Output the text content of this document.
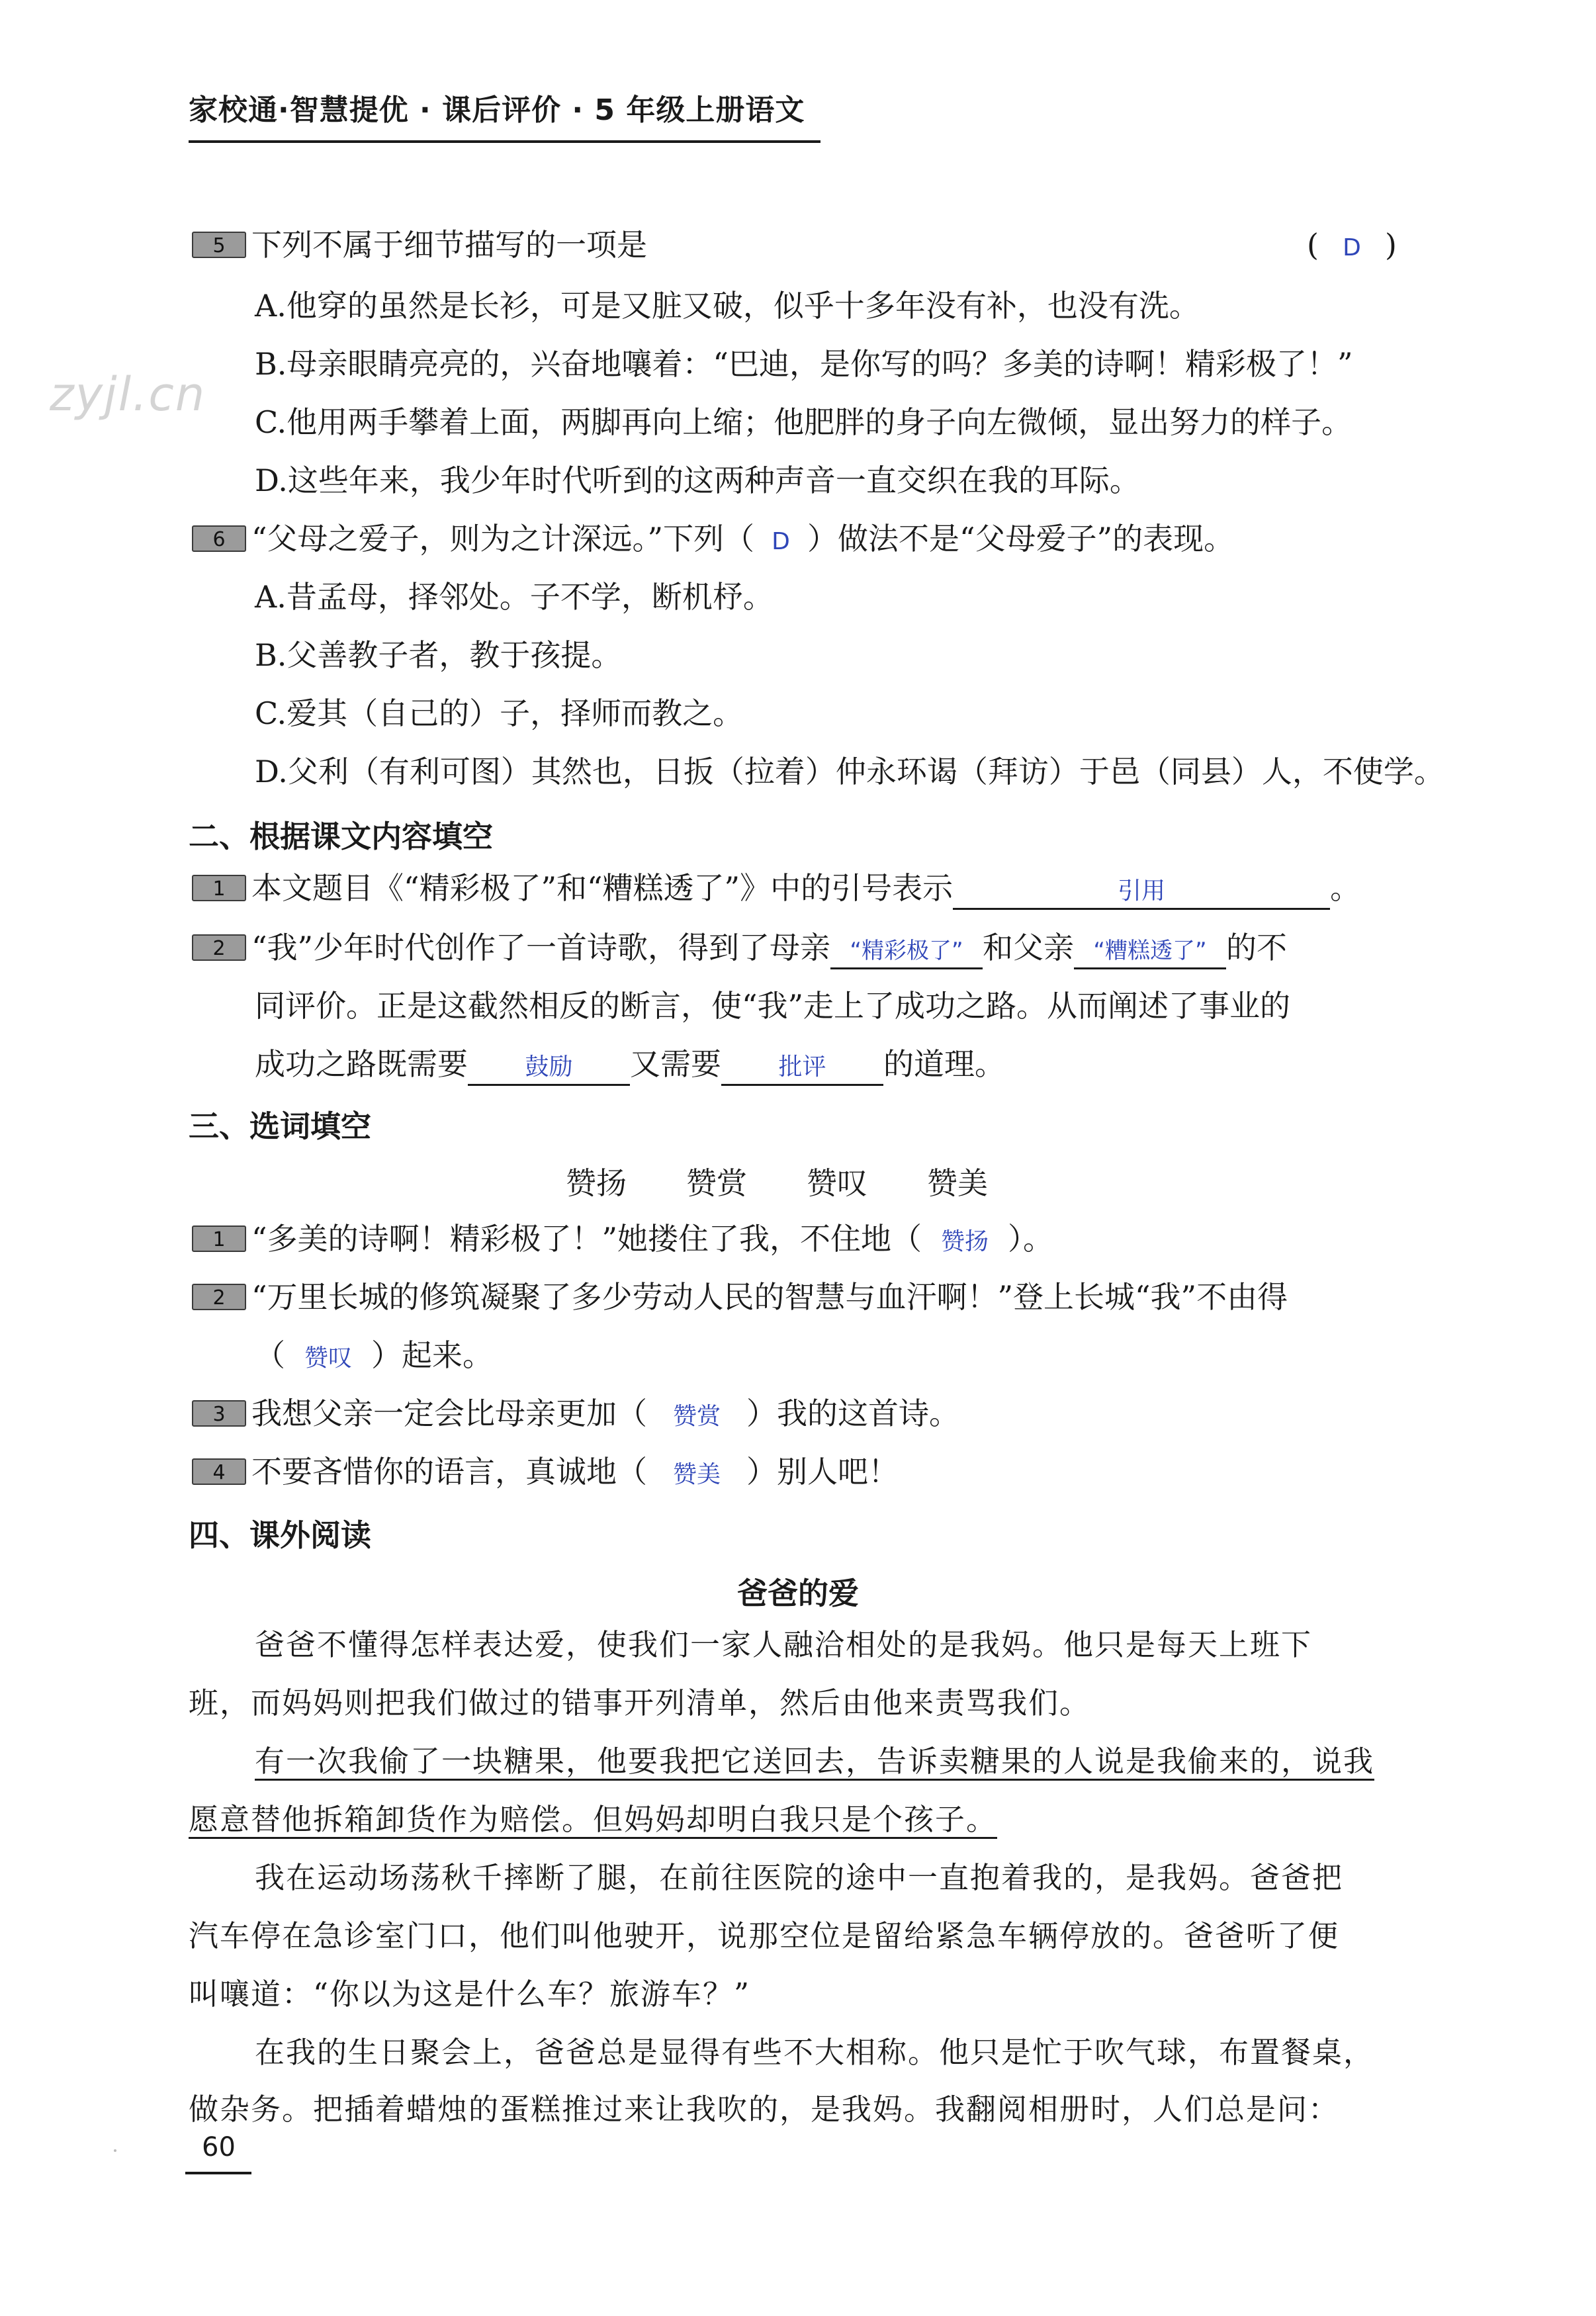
家校通·智慧提优 · 课后评价 · 5 年级上册语文
zyjl.cn
5 下列不属于细节描写的一项是	( D )
A.他穿的虽然是长衫，可是又脏又破，似乎十多年没有补，也没有洗。
B.母亲眼睛亮亮的，兴奋地嚷着：“巴迪，是你写的吗？多美的诗啊！精彩极了！”
C.他用两手攀着上面，两脚再向上缩；他肥胖的身子向左微倾，显出努力的样子。
D.这些年来，我少年时代听到的这两种声音一直交织在我的耳际。
6 “父母之爱子，则为之计深远。”下列（ D ）做法不是“父母爱子”的表现。
A.昔孟母，择邻处。子不学，断机杼。
B.父善教子者，教于孩提。
C.爱其（自己的）子，择师而教之。
D.父利（有利可图）其然也，日扳（拉着）仲永环谒（拜访）于邑（同县）人，不使学。
二、根据课文内容填空
1 本文题目《“精彩极了”和“糟糕透了”》中的引号表示	引用	。
2 “我”少年时代创作了一首诗歌，得到了母亲 “精彩极了” 和父亲 “糟糕透了” 的不
同评价。正是这截然相反的断言，使“我”走上了成功之路。从而阐述了事业的
成功之路既需要 鼓励 又需要 批评 的道理。
三、选词填空
赞扬 赞赏 赞叹 赞美
1 “多美的诗啊！精彩极了！”她搂住了我，不住地（ 赞扬 ）。
2 “万里长城的修筑凝聚了多少劳动人民的智慧与血汗啊！”登上长城“我”不由得
（ 赞叹 ）起来。
3 我想父亲一定会比母亲更加（ 赞赏 ）我的这首诗。
4 不要吝惜你的语言，真诚地（ 赞美 ）别人吧！
四、课外阅读
爸爸的爱
爸爸不懂得怎样表达爱，使我们一家人融洽相处的是我妈。他只是每天上班下
班，而妈妈则把我们做过的错事开列清单，然后由他来责骂我们。
有一次我偷了一块糖果，他要我把它送回去，告诉卖糖果的人说是我偷来的，说我
愿意替他拆箱卸货作为赔偿。但妈妈却明白我只是个孩子。
我在运动场荡秋千摔断了腿，在前往医院的途中一直抱着我的，是我妈。爸爸把
汽车停在急诊室门口，他们叫他驶开，说那空位是留给紧急车辆停放的。爸爸听了便
叫嚷道：“你以为这是什么车？旅游车？”
在我的生日聚会上，爸爸总是显得有些不大相称。他只是忙于吹气球，布置餐桌，
做杂务。把插着蜡烛的蛋糕推过来让我吹的，是我妈。我翻阅相册时，人们总是问：
60
